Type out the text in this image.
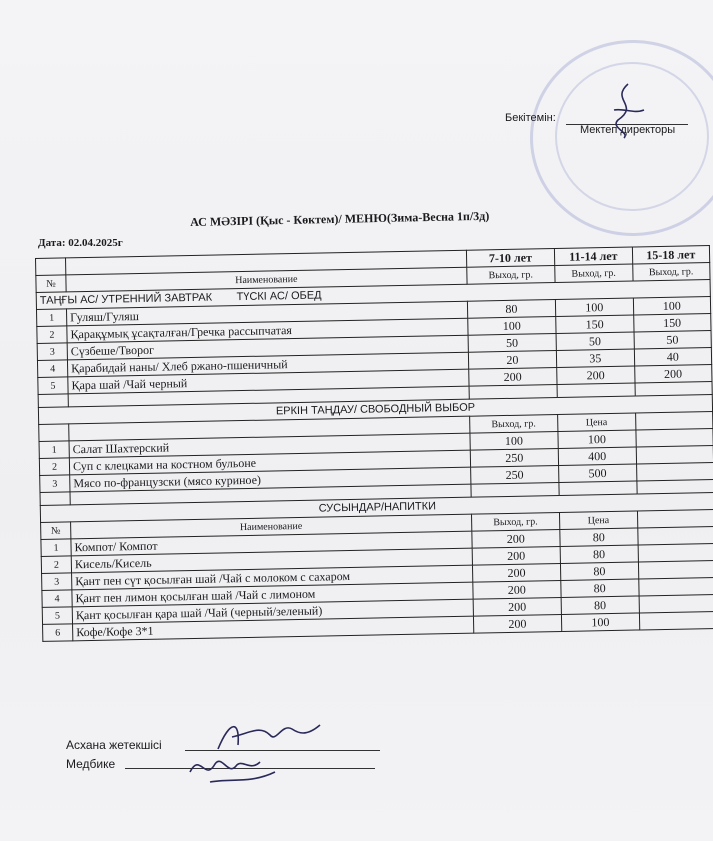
Бекітемін:
Мектеп директоры
АС МӘЗІРІ (Қыс - Көктем)/ МЕНЮ(Зима-Весна 1п/3д)
Дата: 02.04.2025г
		7-10 лет	11-14 лет	15-18 лет
№	Наименование	Выход, гр.	Выход, гр.	Выход, гр.
ТАҢҒЫ АС/ УТРЕННИЙ ЗАВТРАК ТҮСКІ АС/ ОБЕД				
1	Гуляш/Гуляш	80	100	100
2	Қарақұмық ұсақталған/Гречка рассыпчатая	100	150	150
3	Сүзбеше/Творог	50	50	50
4	Қарабидай наны/ Хлеб ржано-пшеничный	20	35	40
5	Қара шай /Чай черный	200	200	200

ЕРКІН ТАҢДАУ/ СВОБОДНЫЙ ВЫБОР				
		Выход, гр.	Цена	
1	Салат Шахтерский	100	100	
2	Суп с клецками на костном бульоне	250	400	
3	Мясо по-французски (мясо куриное)	250	500	

СУСЫНДАР/НАПИТКИ				
№	Наименование	Выход, гр.	Цена	
1	Компот/ Компот	200	80	
2	Кисель/Кисель	200	80	
3	Қант пен сүт қосылған шай /Чай с молоком с сахаром	200	80	
4	Қант пен лимон қосылған шай /Чай с лимоном	200	80	
5	Қант қосылған қара шай /Чай (черный/зеленый)	200	80	
6	Кофе/Кофе 3*1	200	100	
Асхана жетекшісі
Медбике
